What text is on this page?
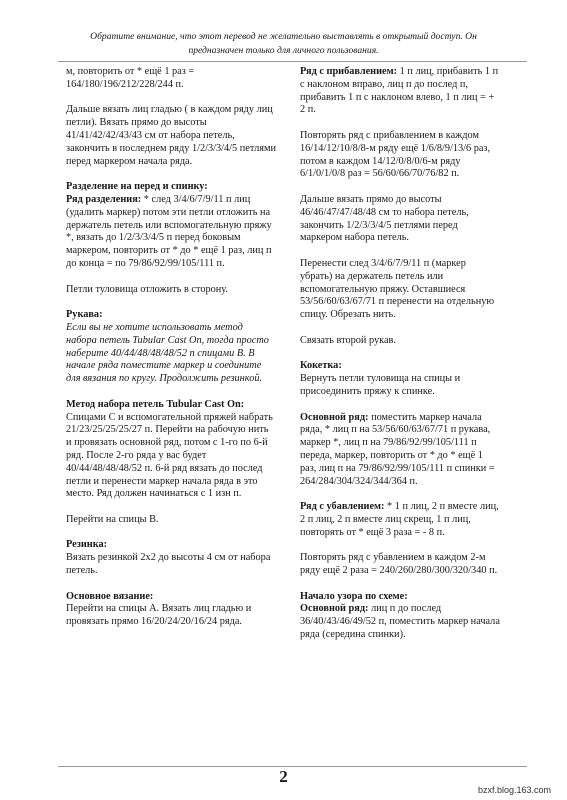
Обратите внимание, что этот перевод не желательно выставлять в открытый доступ. Он
предназначен только для личного пользования.

м, повторить от * ещё 1 раз = 164/180/196/212/228/244 п.

Дальше вязать лиц гладью ( в каждом ряду лиц петли). Вязать прямо до высоты 41/41/42/42/43/43 см от набора петель, закончить в последнем ряду 1/2/3/3/4/5 петлями перед маркером начала ряда.

Разделение на перед и спинку:
Ряд разделения: * след 3/4/6/7/9/11 п лиц (удалить маркер) потом эти петли отложить на держатель петель или вспомогательную пряжу *, вязать до 1/2/3/3/4/5 п перед боковым маркером, повторить от * до * ещё 1 раз, лиц п до конца = по 79/86/92/99/105/111 п.

Петли туловища отложить в сторону.

Рукава:
Если вы не хотите использовать метод набора петель Tubular Cast On, тогда просто наберите 40/44/48/48/48/52 п спицами В. В начале ряда поместите маркер и соедините для вязания по кругу. Продолжить резинкой.

Метод набора петель Tubular Cast On:
Спицами С и вспомогательной пряжей набрать 21/23/25/25/25/27 п. Перейти на рабочую нить и провязать основной ряд, потом с 1-го по 6-й ряд. После 2-го ряда у вас будет 40/44/48/48/48/52 п. 6-й ряд вязать до послед петли и перенести маркер начала ряда в это место. Ряд должен начинаться с 1 изн п.

Перейти на спицы В.

Резинка:
Вязать резинкой 2х2 до высоты 4 см от набора петель.

Основное вязание:
Перейти на спицы А. Вязать лиц гладью и провязать прямо 16/20/24/20/16/24 ряда.

Ряд с прибавлением: 1 п лиц, прибавить 1 п с наклоном вправо, лиц п до послед п, прибавить 1 п с наклоном влево, 1 п лиц = + 2 п.

Повторять ряд с прибавлением в каждом 16/14/12/10/8/8-м ряду ещё 1/6/8/9/13/6 раз, потом в каждом 14/12/0/8/0/6-м ряду 6/1/0/1/0/8 раз = 56/60/66/70/76/82 п.

Дальше вязать прямо до высоты 46/46/47/47/48/48 см то набора петель, закончить 1/2/3/3/4/5 петлями перед маркером набора петель.

Перенести след 3/4/6/7/9/11 п (маркер убрать) на держатель петель или вспомогательную пряжу. Оставшиеся 53/56/60/63/67/71 п перенести на отдельную спицу. Обрезать нить.

Связать второй рукав.

Кокетка:
Вернуть петли туловища на спицы и присоединить пряжу к спинке.

Основной ряд: поместить маркер начала ряда, * лиц п на 53/56/60/63/67/71 п рукава, маркер *, лиц п на 79/86/92/99/105/111 п переда, маркер, повторить от * до * ещё 1 раз, лиц п на 79/86/92/99/105/111 п спинки = 264/284/304/324/344/364 п.

Ряд с убавлением: * 1 п лиц, 2 п вместе лиц, 2 п лиц, 2 п вместе лиц скрещ, 1 п лиц, повторять от * ещё 3 раза = - 8 п.

Повторять ряд с убавлением в каждом 2-м ряду ещё 2 раза = 240/260/280/300/320/340 п.

Начало узора по схеме:
Основной ряд: лиц п до послед 36/40/43/46/49/52 п, поместить маркер начала ряда (середина спинки).

2
bzxf.blog.163.com
